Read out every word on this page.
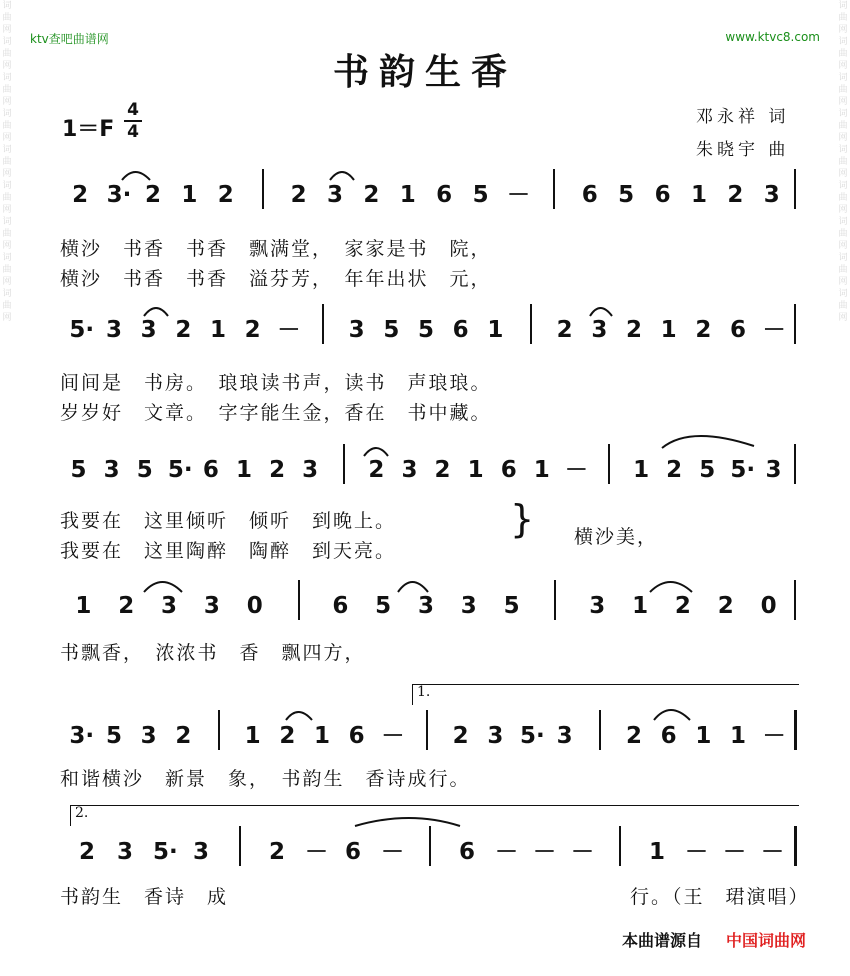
词
曲
网
词
曲
网
词
曲
网
词
曲
网
词
曲
网
词
曲
网
词
曲
网
词
曲
网
词
曲
网
词
曲
网
词
曲
网
词
曲
网
词
曲
网
词
曲
网
词
曲
网
词
曲
网
词
曲
网
词
曲
网
ktv查吧曲谱网	www.ktvc8.com
书韵生香
1＝F
4
4
邓永祥 词
朱晓宇 曲
2 3· 2 1 2 2 3 2 1 6 5 － 6 5 6 1 2 3
5· 3 3 2 1 2 － 3 5 5 6 1 2 3 2 1 2 6 －
5 3 5 5· 6 1 2 3 2 3 2 1 6 1 － 1 2 5 5· 3
1 2 3 3 0	6 5 3 3 5	3 1 2 2 0
3· 5 3 2 1 2 1 6 － 2 3 5· 3 2 6 1 1 －
2 3 5· 3	2 － 6 － 6 － － － 1 － － －
横沙　书香　书香　飘满堂，　家家是书　院，
横沙　书香　书香　溢芬芳，　年年出状　元，
间间是　书房。　琅琅读书声，读书　声琅琅。
岁岁好　文章。　字字能生金，香在　书中藏。
我要在　这里倾听　倾听　到晚上。
我要在　这里陶醉　陶醉　到天亮。
} 横沙美，
书飘香，　浓浓书　香　飘四方，
和谐横沙　新景　象，　书韵生　香诗成行。
书韵生　香诗　成	行。（王　珺演唱）
1.
2.
本曲谱源自 中国词曲网
